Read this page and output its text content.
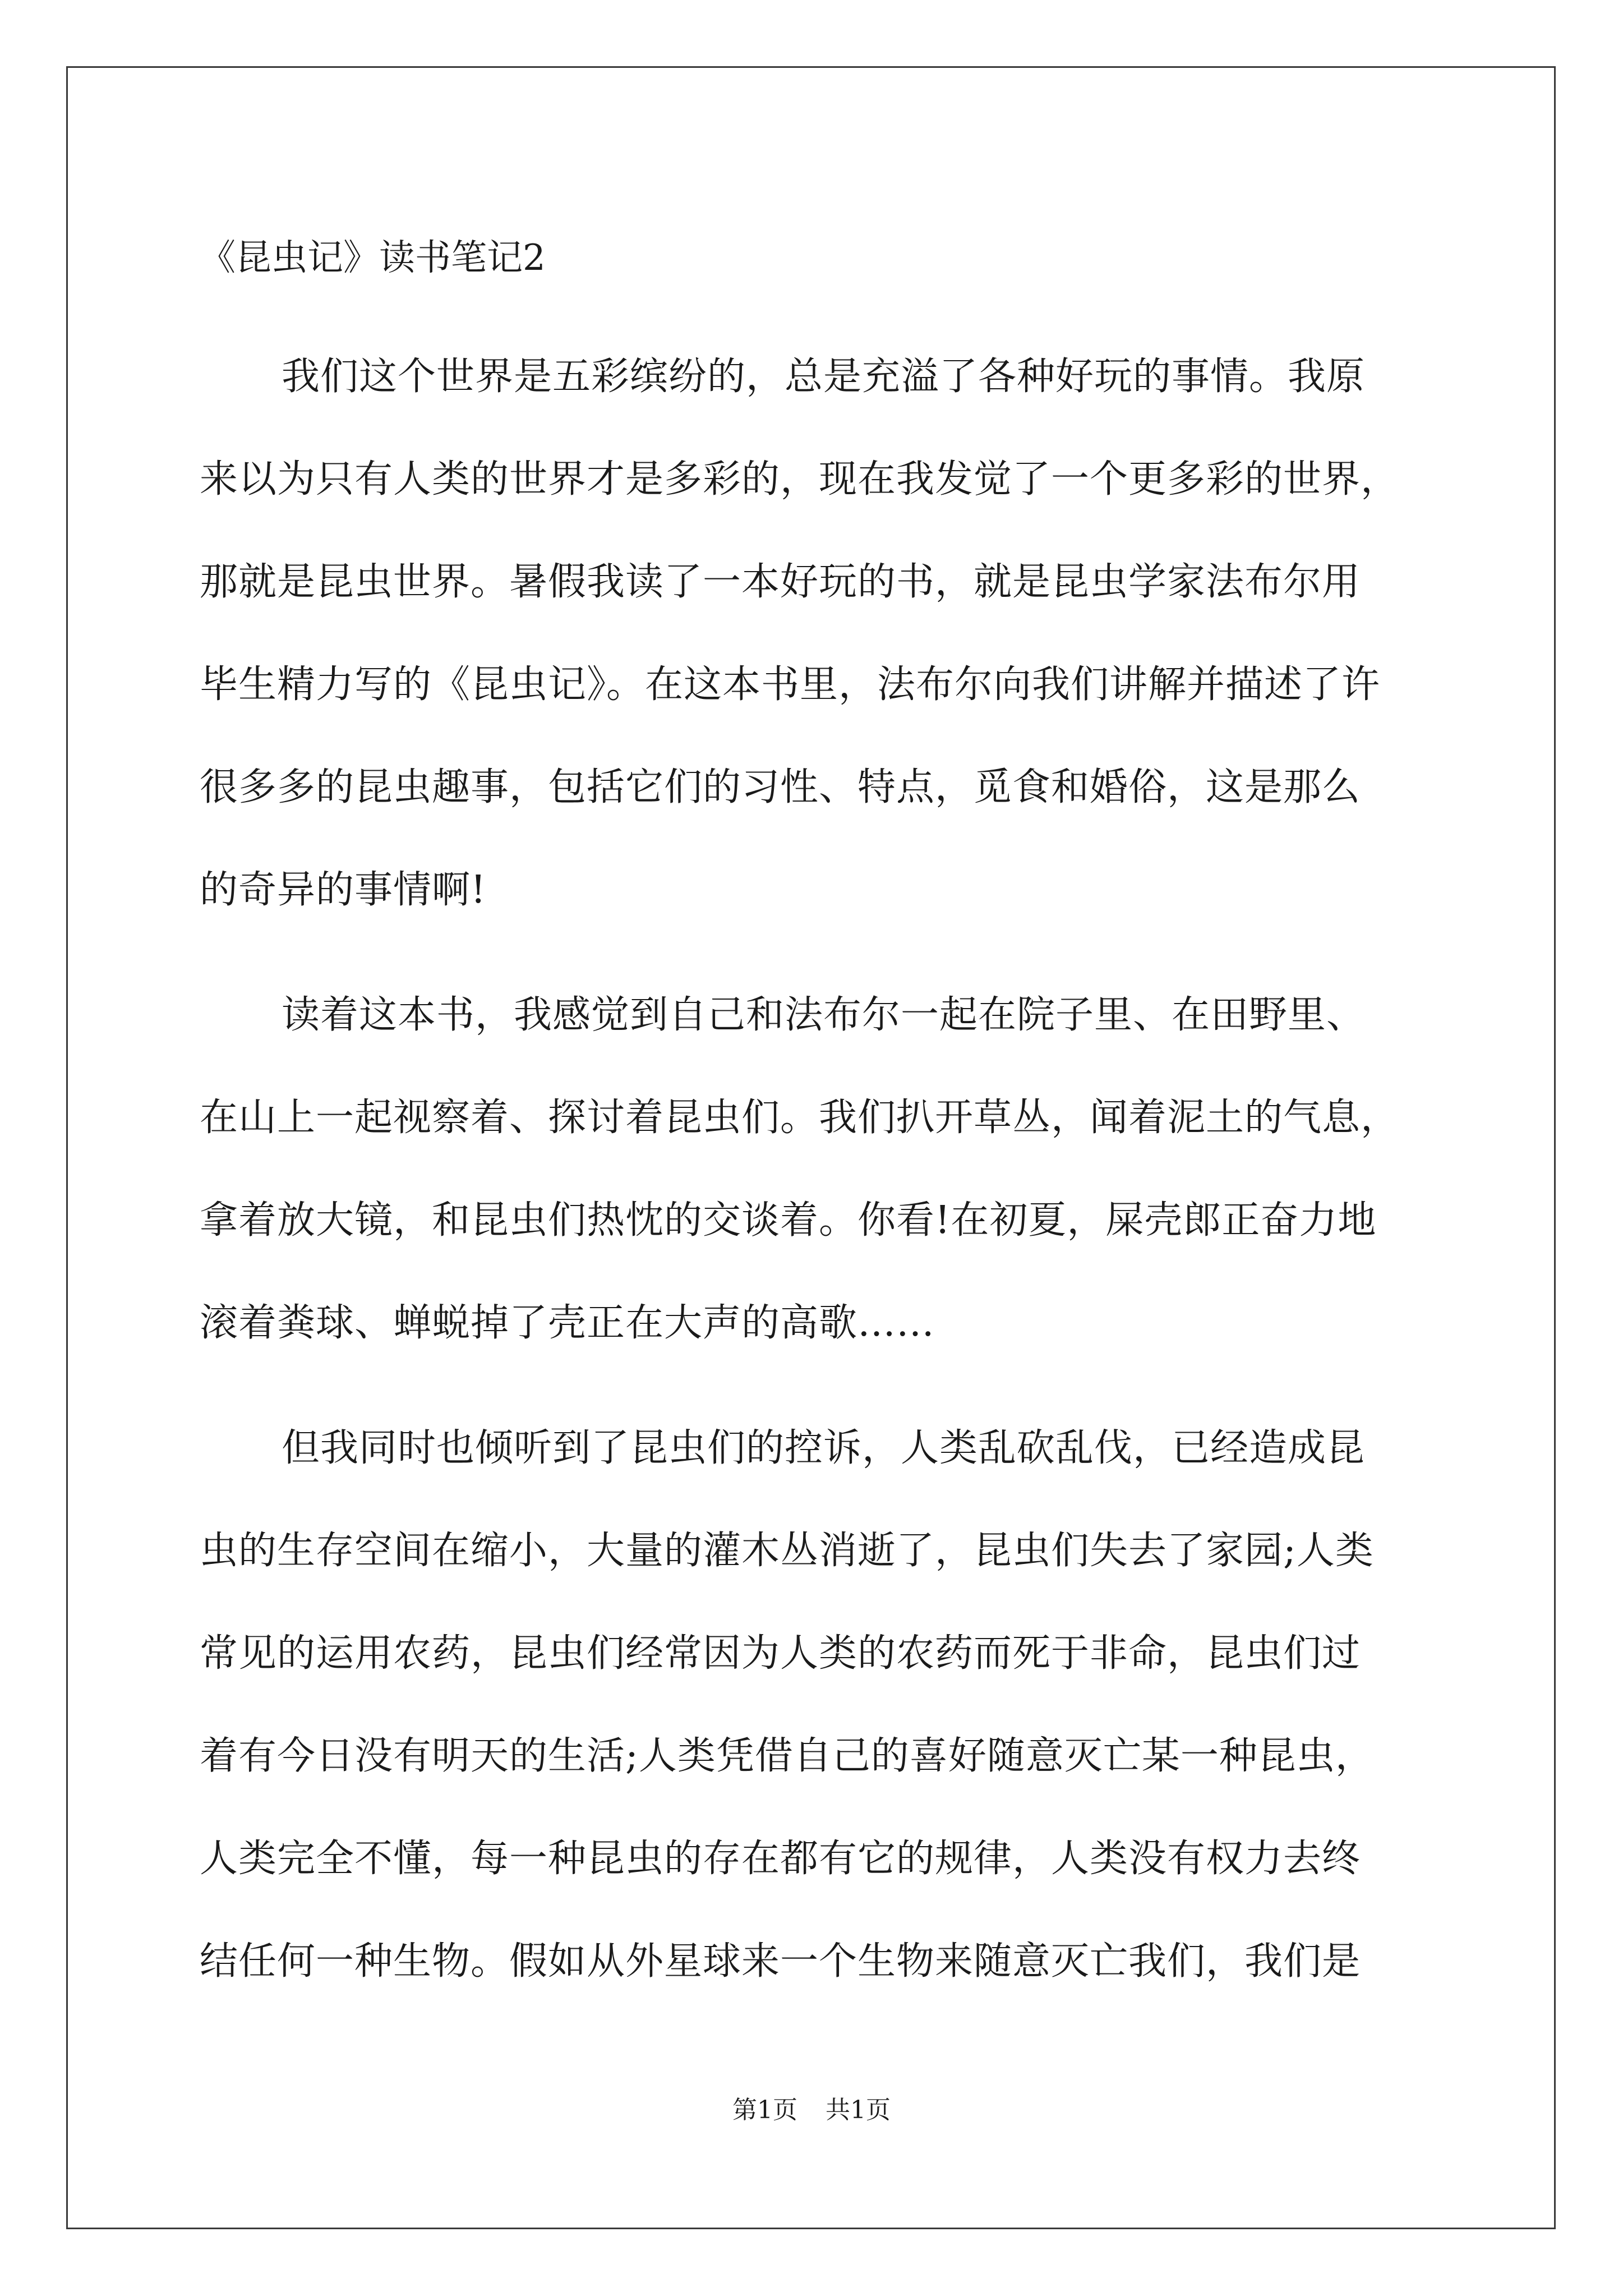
《昆虫记》读书笔记2
我们这个世界是五彩缤纷的，总是充溢了各种好玩的事情。我原
来以为只有人类的世界才是多彩的，现在我发觉了一个更多彩的世界，
那就是昆虫世界。暑假我读了一本好玩的书，就是昆虫学家法布尔用
毕生精力写的《昆虫记》。在这本书里，法布尔向我们讲解并描述了许
很多多的昆虫趣事，包括它们的习性、特点，觅食和婚俗，这是那么
的奇异的事情啊!
读着这本书，我感觉到自己和法布尔一起在院子里、在田野里、
在山上一起视察着、探讨着昆虫们。我们扒开草丛，闻着泥土的气息，
拿着放大镜，和昆虫们热忱的交谈着。你看!在初夏，屎壳郎正奋力地
滚着粪球、蝉蜕掉了壳正在大声的高歌……
但我同时也倾听到了昆虫们的控诉，人类乱砍乱伐，已经造成昆
虫的生存空间在缩小，大量的灌木丛消逝了，昆虫们失去了家园;人类
常见的运用农药，昆虫们经常因为人类的农药而死于非命，昆虫们过
着有今日没有明天的生活;人类凭借自己的喜好随意灭亡某一种昆虫，
人类完全不懂，每一种昆虫的存在都有它的规律，人类没有权力去终
结任何一种生物。假如从外星球来一个生物来随意灭亡我们，我们是
第1页 共1页
